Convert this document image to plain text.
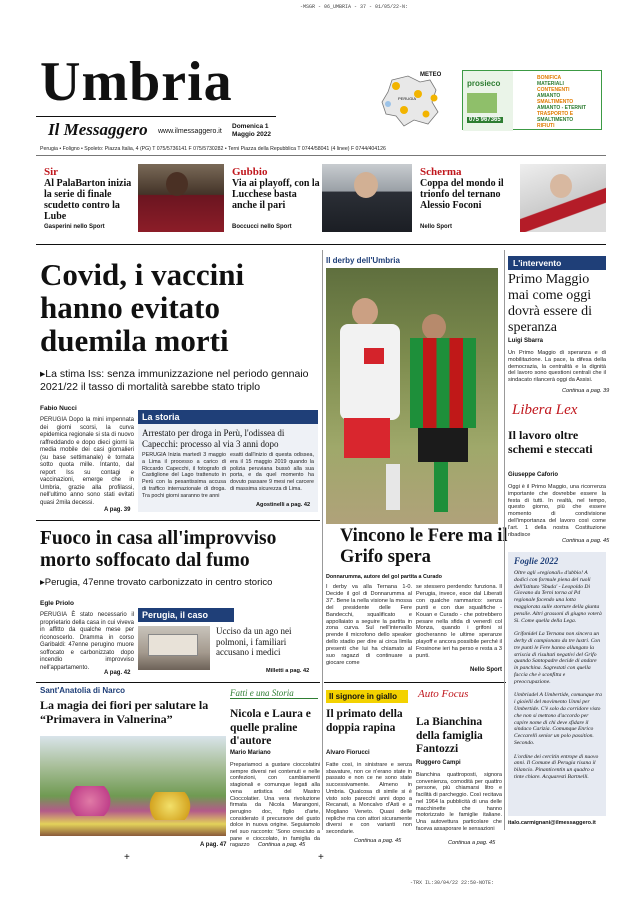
-MSGR - 06_UMBRIA - 37 - 01/05/22-N:
Umbria
Il Messaggero www.ilmessaggero.it
Domenica 1
Maggio 2022
METEO
PERUGIA
prosieco
075 967365
BONIFICA
MATERIALI
CONTENENTI
AMIANTO
SMALTIMENTO
AMIANTO - ETERNIT
TRASPORTO E
SMALTIMENTO
RIFIUTI
Perugia • Foligno • Spoleto: Piazza Italia, 4 (PG) T 075/5736141 F 075/5730282 • Terni Piazza della Repubblica T 0744/58041 (4 linee) F 0744/404126
Sir
Al PalaBarton inizia la serie di finale scudetto contro la Lube
Gasperini nello Sport
Gubbio
Via ai playoff, con la Lucchese basta anche il pari
Boccucci nello Sport
Scherma
Coppa del mondo il trionfo del ternano Alessio Foconi
Nello Sport
Covid, i vaccini hanno evitato duemila morti
▸La stima Iss: senza immunizzazione nel periodo gennaio 2021/22 il tasso di mortalità sarebbe stato triplo
Fabio Nucci
PERUGIA Dopo la mini impennata dei giorni scorsi, la curva epidemica regionale si sta di nuovo raffreddando e dopo dieci giorni la media mobile dei casi giornalieri (su base settimanale) è tornata sotto quota mille. Intanto, dal report Iss su contagi e vaccinazioni, emerge che in Umbria, grazie alla profilassi, nell'ultimo anno sono stati evitati quasi 2mila decessi.
A pag. 39
La storia
Arrestato per droga in Perù, l'odissea di Capecchi: processo al via 3 anni dopo
PERUGIA Inizia martedì 3 maggio a Lima il processo a carico di Riccardo Capecchi, il fotografo di Castiglione del Lago trattenuto in Perù con la pesantissima accusa di traffico internazionale di droga. Tra pochi giorni saranno tre anni
esatti dall'inizio di questa odissea, era il 15 maggio 2019 quando la polizia peruviana bussò alla sua porta, e da quel momento ha dovuto passare 9 mesi nel carcere di massima sicurezza di Lima.
Agostinelli a pag. 42
Fuoco in casa all'improvviso morto soffocato dal fumo
▸Perugia, 47enne trovato carbonizzato in centro storico
Egle Priolo
PERUGIA È stato necessario il proprietario della casa in cui viveva in affitto da qualche mese per riconoscerlo. Dramma in corso Garibaldi: 47enne perugino muore soffocato e carbonizzato dopo incendio improvviso nell'appartamento.
A pag. 42
Perugia, il caso
Ucciso da un ago nei polmoni, i familiari accusano i medici
Milletti a pag. 42
Il derby dell'Umbria
Vincono le Fere ma il Grifo spera
Donnarumma, autore del gol partita a Curado
I derby va alla Ternana 1-0. Decide il gol di Donnarumma al 37'. Bene la nella visione la mossa del presidente delle Fere Bandecchi, squalificato e appollaiato a seguire la partita in zona curva. Sul nell'intervallo prende il microfono dello speaker dello stadio per dire ai circa limila presenti che lui ha chiamato al suo ragazzi di continuare a giocare come
se stessero perdendo: funziona. Il Perugia, invece, esce dal Liberati con qualche rammarico: senza punti e con due squalifiche - Kouan e Curado - che potrebbero pesare nella sfida di venerdì col Monza, quando i grifoni si giocheranno le ultime speranze playoff e ancora possibile perché il Frosinone ieri ha perso e resta a 3 punti.
Nello Sport
L'intervento
Primo Maggio mai come oggi dovrà essere di speranza
Luigi Sbarra
Un Primo Maggio di speranza e di mobilitazione. La pace, la difesa della democrazia, la centralità e la dignità del lavoro sono questioni centrali che il sindacato rilancerà oggi da Assisi.
Continua a pag. 39
Libera Lex
Il lavoro oltre schemi e steccati
Giuseppe Caforio
Oggi è il Primo Maggio, una ricorrenza importante che dovrebbe essere la festa di tutti. In realtà, nel tempo, questo giorno, più che essere momento di condivisione dell'importanza del lavoro così come l'art. 1 della nostra Costituzione ribadisce
Continua a pag. 45
Foglie 2022
Oltre agli «regionali» d'ubbio! A dodici con formule piena del ruoli dell'Istituto 'Sbuda' - Leopoldo Di Giovano da Terni torna al Pd regionale facendo una lotta maggiorata sulle storture della giunta pensile. Altri grassoni di giugno voterà Si. Come quella della Lega.

Grifonidel La Ternana non sincera un derby di campionato da tre lustri. Con tre punti le Fere hanno allungato la striscia di risultati negativi del Grifo quando Santopadre decide di andare in panchina. Sagrestati con quella faccia che è sconfitta e preoccupazione.

Umbriadel A Umbertide, comunque tra i gioielli del movimento Unmi per Umbertide. C'è solo da corridore visto che non si mettono d'accordo per capire nome di chi deve sfidare il sindaco Carizia. Comunque Enrico Ceccarelli senior un polo passition. Secondo.

L'ordine dei cercitin entrope di nuovo anni. Il Comune di Perugia risana il bilancio. Pinanticentin un quadro a tinte chiare. Acquaresti Bartnelli.
italo.carmignani@ilmessaggero.it
Sant'Anatolia di Narco
La magia dei fiori per salutare la “Primavera in Valnerina”
A pag. 47
Fatti e una Storia
Nicola e Laura e quelle praline d'autore
Mario Mariano
Prepariamoci a gustare cioccolatini sempre diversi nei contenuti e nelle confezioni, con cambiamenti stagionali e comunque legati alla vena artistica del Mastro Cioccolatier. Una vera rivoluzione firmata da Nicola Marangoni, perugino doc, figlio d'arte, considerato il precursore del gusto dolce in nuova origine. Seguiamolo nel suo racconto: 'Sono cresciuto a pane e cioccolato, in famiglia da ragazzo	Continua a pag. 45
Il signore in giallo
Il primato della doppia rapina
Alvaro Fiorucci
Fatte così, in sinistrare e senza sbavature, non ce n'erano state in passato e non ce ne sono state successivamente. Almeno in Umbria. Qualcosa di simile si è visto solo parecchi anni dopo a Recanati, a Moncalvo d'Asti e a Mogliano Veneto. Quasi delle repliche ma con attori sicuramente diversi e con varianti non secondarie.
Continua a pag. 45
Auto Focus
La Bianchina della famiglia Fantozzi
Ruggero Campi
Bianchina quattroposti, signora convenienza, comodità per quattro persone, più chiamarsi litro e facilità di parcheggio. Così recitava nel 1964 la pubblicità di una delle macchinette che hanno motorizzato le famiglie italiane. Una autovettura particolare che faceva assaporare le sensazioni
Continua a pag. 45
+	+
-TRX IL:30/04/22 22:50-NOTE:
